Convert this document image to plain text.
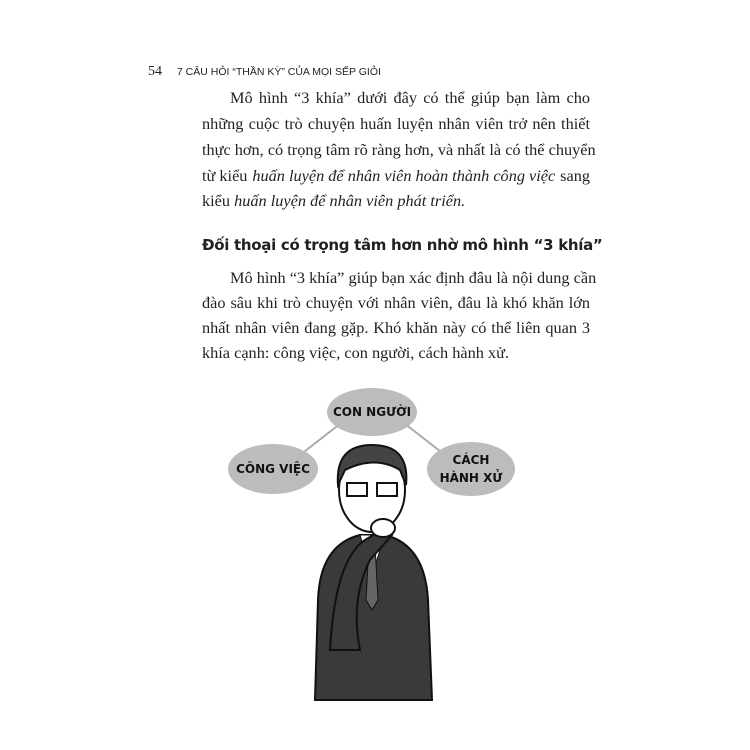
54 7 CÂU HỎI “THẦN KỲ” CỦA MỌI SẾP GIỎI
Mô hình “3 khía” dưới đây có thể giúp bạn làm cho
những cuộc trò chuyện huấn luyện nhân viên trở nên thiết
thực hơn, có trọng tâm rõ ràng hơn, và nhất là có thể chuyển
từ kiểu huấn luyện để nhân viên hoàn thành công việc sang
kiểu huấn luyện để nhân viên phát triển.
Đối thoại có trọng tâm hơn nhờ mô hình “3 khía”
Mô hình “3 khía” giúp bạn xác định đâu là nội dung cần
đào sâu khi trò chuyện với nhân viên, đâu là khó khăn lớn
nhất nhân viên đang gặp. Khó khăn này có thể liên quan 3
khía cạnh: công việc, con người, cách hành xử.
CON NGƯỜI
CÔNG VIỆC
CÁCH
HÀNH XỬ
